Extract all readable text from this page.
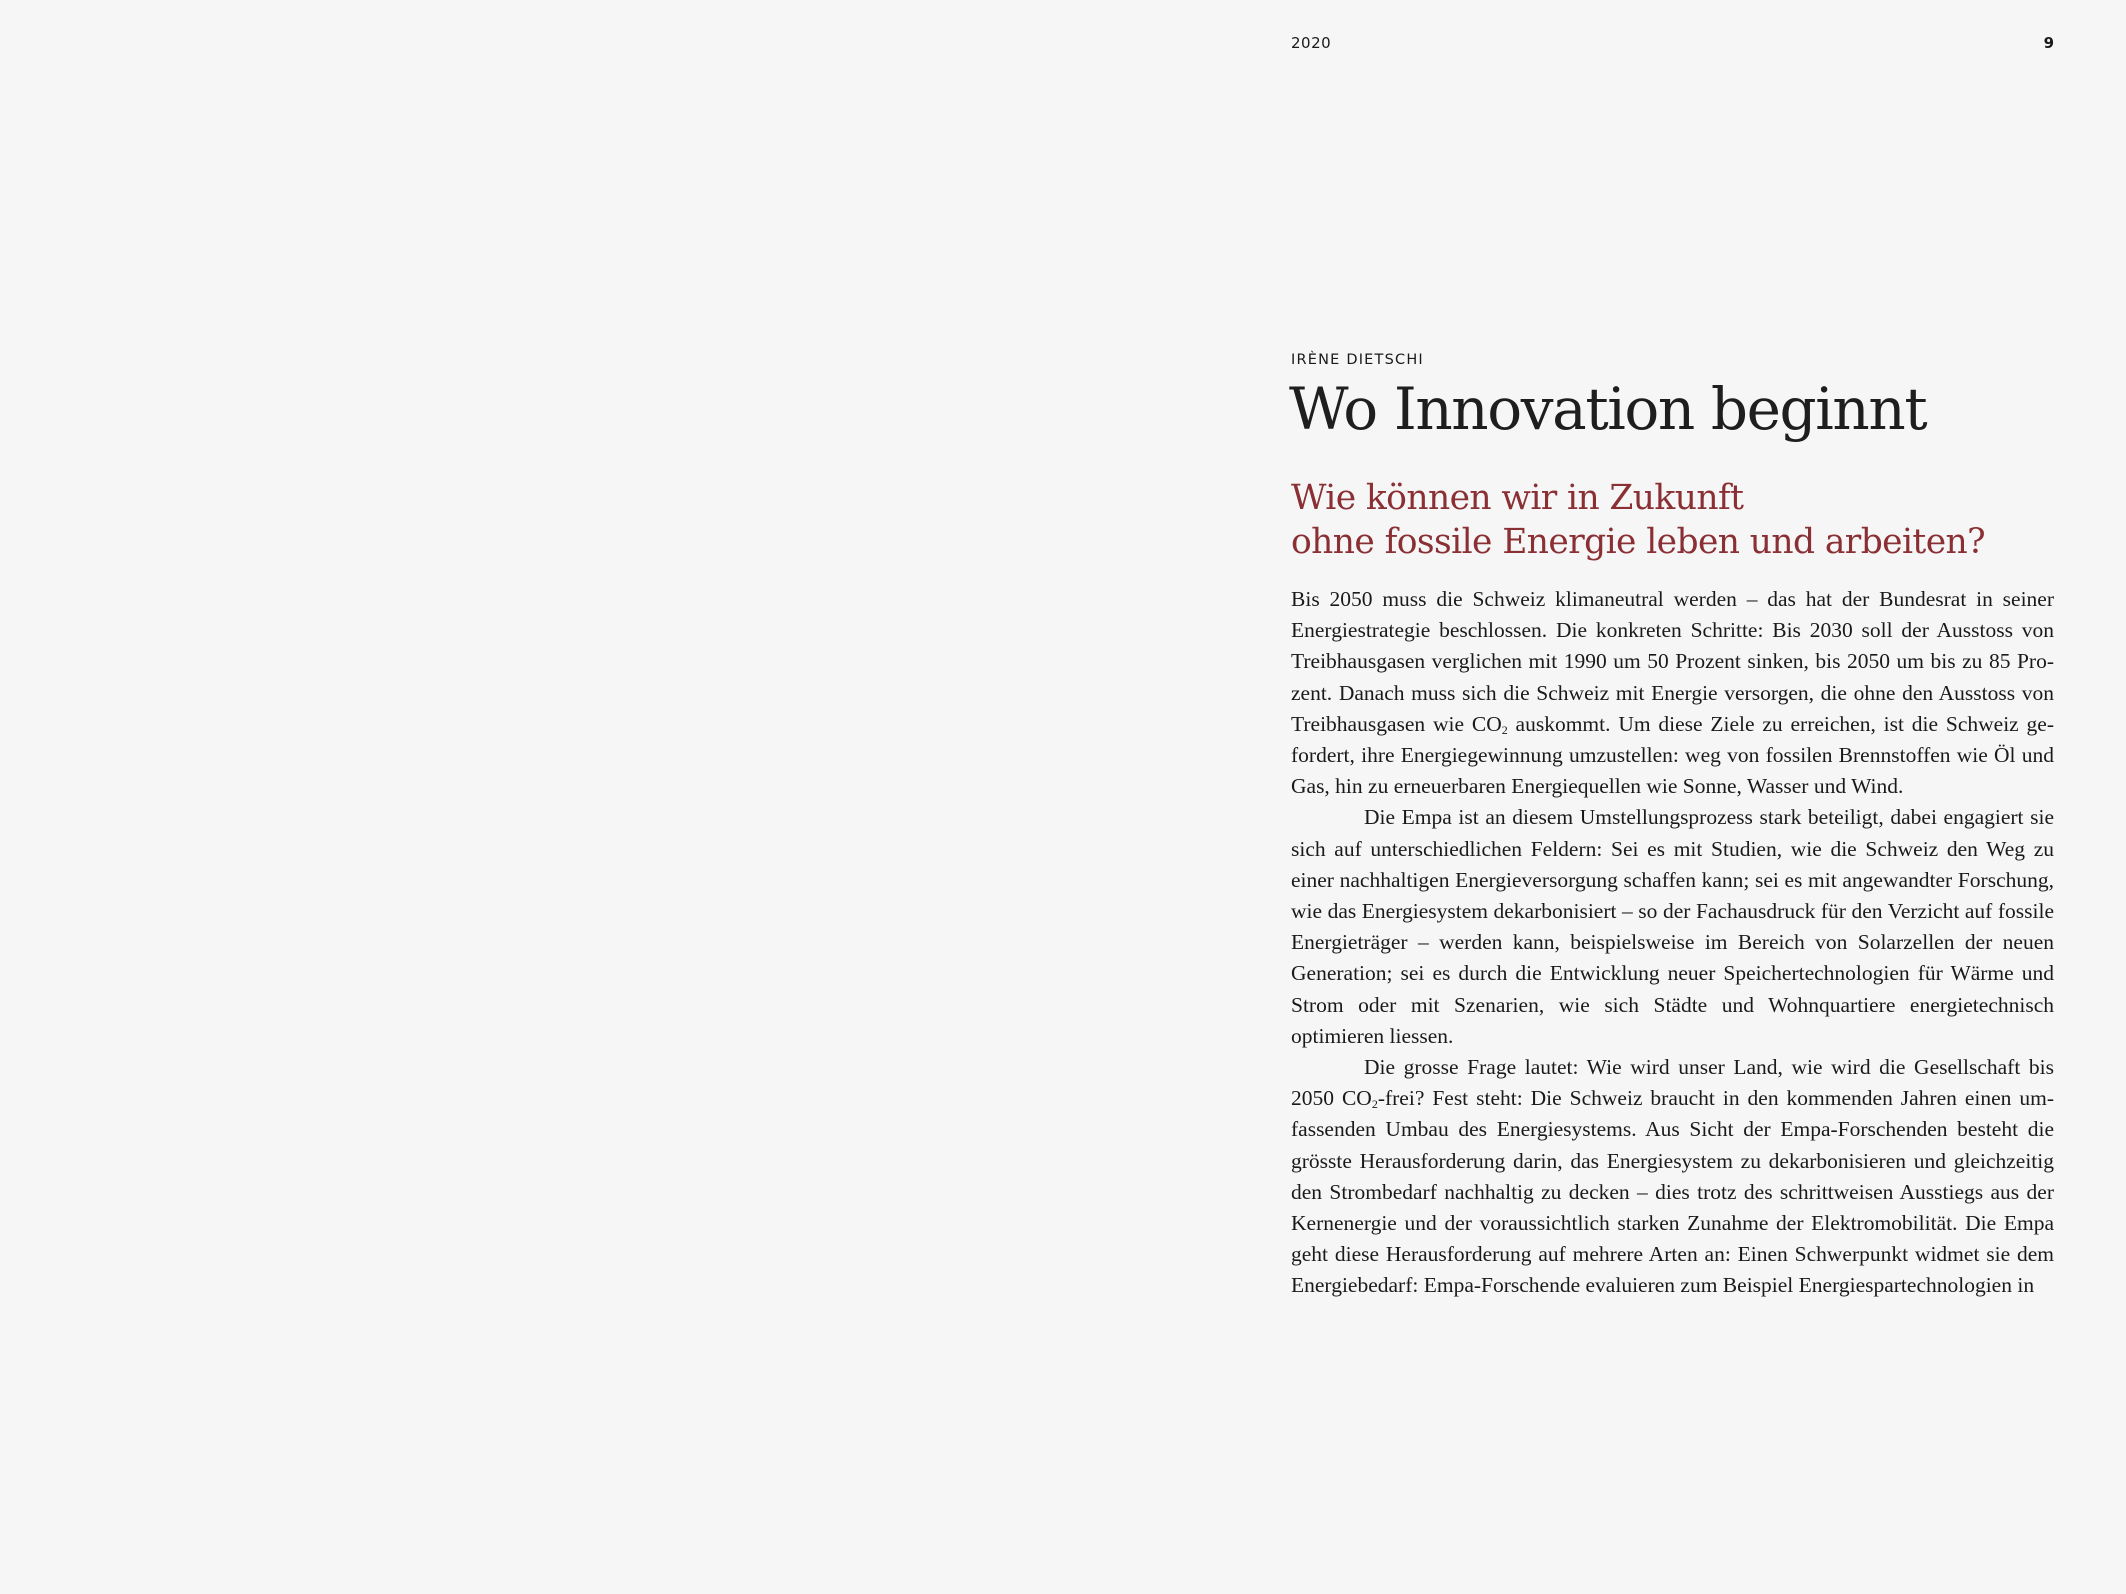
2020	9

IRÈNE DIETSCHI

Wo Innovation beginnt
Wie können wir in Zukunft
ohne fossile Energie leben und arbeiten?

Bis 2050 muss die Schweiz klimaneutral werden – das hat der Bundesrat in seiner Energiestrategie beschlossen. Die konkreten Schritte: Bis 2030 soll der Ausstoss von Treibhausgasen verglichen mit 1990 um 50 Prozent sinken, bis 2050 um bis zu 85 Prozent. Danach muss sich die Schweiz mit Energie versorgen, die ohne den Ausstoss von Treibhausgasen wie $CO_2$ auskommt. Um diese Ziele zu erreichen, ist die Schweiz gefordert, ihre Energiegewinnung umzustellen: weg von fossilen Brennstoffen wie Öl und Gas, hin zu erneuerbaren Energiequellen wie Sonne, Wasser und Wind.

Die Empa ist an diesem Umstellungsprozess stark beteiligt, dabei engagiert sie sich auf unterschiedlichen Feldern: Sei es mit Studien, wie die Schweiz den Weg zu einer nachhaltigen Energieversorgung schaffen kann; sei es mit angewandter Forschung, wie das Energiesystem dekarbonisiert – so der Fachausdruck für den Verzicht auf fossile Energieträger – werden kann, beispielsweise im Bereich von Solarzellen der neuen Generation; sei es durch die Entwicklung neuer Speichertechnologien für Wärme und Strom oder mit Szenarien, wie sich Städte und Wohnquartiere energietechnisch optimieren liessen.

Die grosse Frage lautet: Wie wird unser Land, wie wird die Gesellschaft bis 2050 $CO_2$-frei? Fest steht: Die Schweiz braucht in den kommenden Jahren einen umfassenden Umbau des Energiesystems. Aus Sicht der Empa-Forschenden besteht die grösste Herausforderung darin, das Energiesystem zu dekarbonisieren und gleichzeitig den Strombedarf nachhaltig zu decken – dies trotz des schrittweisen Ausstiegs aus der Kernenergie und der voraussichtlich starken Zunahme der Elektromobilität. Die Empa geht diese Herausforderung auf mehrere Arten an: Einen Schwerpunkt widmet sie dem Energiebedarf: Empa-Forschende evaluieren zum Beispiel Energiespartechnologien in
